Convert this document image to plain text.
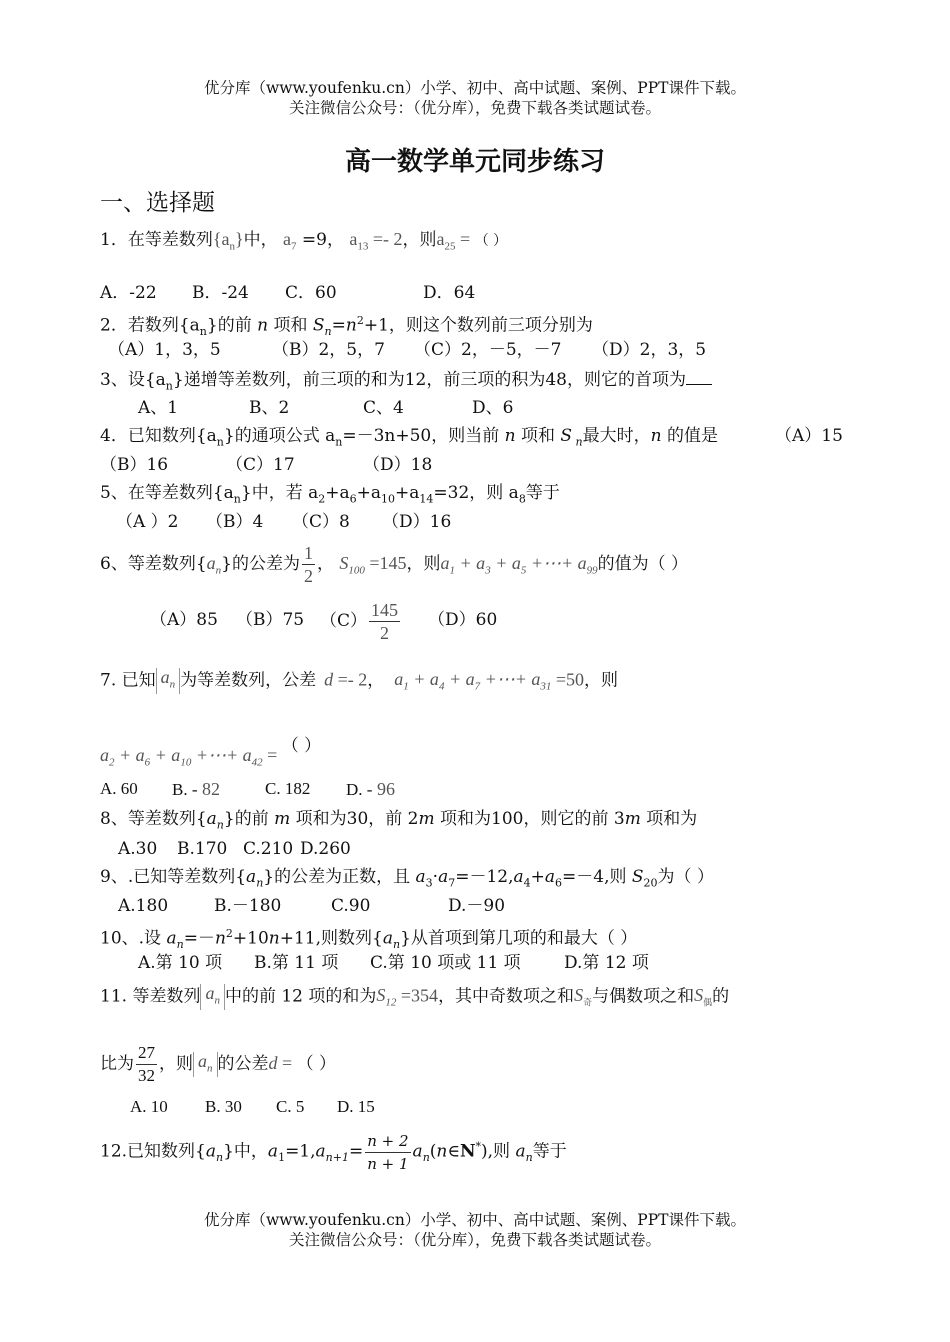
优分库（www.youfenku.cn）小学、初中、高中试题、案例、PPT课件下载。
关注微信公众号：（优分库），免费下载各类试题试卷。
高一数学单元同步练习
一、选择题
1．在等差数列$\{a_n\}$中， $a_7 =9$， $a_{13} =- 2$，则$a_{25}$ = （ ）
A．-22 B．-24 C．60	D．64
2．若数列$\{a_n\}$的前 n 项和 $S_n=n^2+1$，则这个数列前三项分别为
（A）1，3，5	（B）2，5，7 （C）2，－5，－7 （D）2，3，5
3、设$\{a_n\}$递增等差数列，前三项的和为12，前三项的积为48，则它的首项为
A、1	B、2	C、4	D、6
4．已知数列$\{a_n\}$的通项公式 $a_n=-3n+50$，则当前 n 项和 S $_n$最大时，n 的值是	（A）15
（B）16	（C）17	（D）18
5、在等差数列$\{a_n\}$中，若 $a_2+a_6+a_{10}+a_{14}=32$，则 $a_8$等于
（A ）2 （B）4 （C）8 （D）16
6、等差数列$\{a_n\}$的公差为 $\frac{1}{2}$ ， $S_{100} =145$，则$a_1 + a_3 + a_5$ +⋯+ $a_{99}$的值为（ ）
（A）85 （B）75 $(C) \frac{145}{2} (D)60$
7. 已知 $a_n$ 为等差数列，公差 d =- 2， $a_1 + a_4 + a_7$ +⋯+ $a_{31} =50$，则
$a_2 + a_6 + a_{10}$ +⋯+ $a_{42}$ = （ ）
A. 60 B. - 82	C. 182 D. - 96
8、等差数列$\{a_n\}$的前 m 项和为30，前 2m 项和为100，则它的前 3m 项和为
A.30 B.170 C.210 D.260
9、.已知等差数列$\{a_n\}$的公差为正数，且 $a_3\cdot a_7=-12,a_4+a_6=-4$,则 $S_{20}$为（ ）
A.180	B.－180	C.90	D.－90
10、.设 $a_n=-n^2+10n+11$,则数列$\{a_n\}$从首项到第几项的和最大（ ）
A.第 10 项 B.第 11 项 C.第 10 项或 11 项	D.第 12 项
11. 等差数列 $a_n$ 中的前 12 项的和为$S_{12} =354$，其中奇数项之和$S_奇$与偶数项之和$S_偶$的
比为 $\frac{27}{32}$ ，则 $a_n$ 的公差d = （ ）
A. 10 B. 30 C. 5 D. 15
12.已知数列$\{a_n\}$中，$a_1=1,a_{n+1}= \frac{n + 2}{n + 1}$ $a_n(n\in N^*)$,则 $a_n$等于
优分库（www.youfenku.cn）小学、初中、高中试题、案例、PPT课件下载。
关注微信公众号：（优分库），免费下载各类试题试卷。
